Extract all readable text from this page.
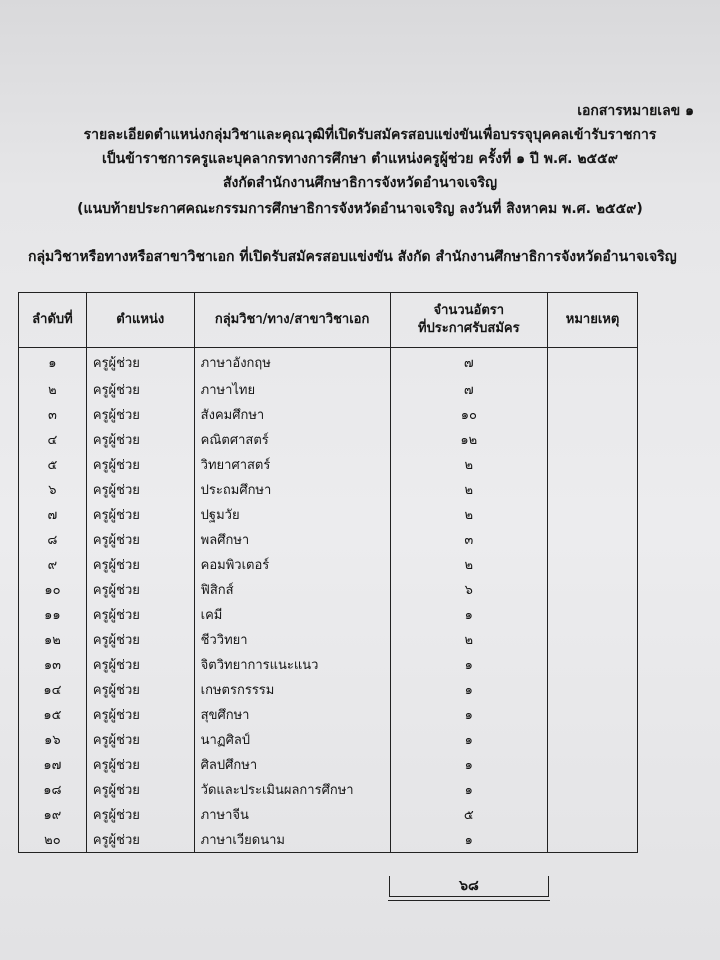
เอกสารหมายเลข ๑
รายละเอียดตำแหน่งกลุ่มวิชาและคุณวุฒิที่เปิดรับสมัครสอบแข่งขันเพื่อบรรจุบุคคลเข้ารับราชการ
เป็นข้าราชการครูและบุคลากรทางการศึกษา ตำแหน่งครูผู้ช่วย ครั้งที่ ๑ ปี พ.ศ. ๒๕๕๙
สังกัดสำนักงานศึกษาธิการจังหวัดอำนาจเจริญ
(แนบท้ายประกาศคณะกรรมการศึกษาธิการจังหวัดอำนาจเจริญ ลงวันที่ สิงหาคม พ.ศ. ๒๕๕๙)
กลุ่มวิชาหรือทางหรือสาขาวิชาเอก ที่เปิดรับสมัครสอบแข่งขัน สังกัด สำนักงานศึกษาธิการจังหวัดอำนาจเจริญ
ลำดับที่	ตำแหน่ง	กลุ่มวิชา/ทาง/สาขาวิชาเอก	จำนวนอัตรา
ที่ประกาศรับสมัคร	หมายเหตุ
๑	ครูผู้ช่วย	ภาษาอังกฤษ	๗	
๒	ครูผู้ช่วย	ภาษาไทย	๗	
๓	ครูผู้ช่วย	สังคมศึกษา	๑๐	
๔	ครูผู้ช่วย	คณิตศาสตร์	๑๒	
๕	ครูผู้ช่วย	วิทยาศาสตร์	๒	
๖	ครูผู้ช่วย	ประถมศึกษา	๒	
๗	ครูผู้ช่วย	ปฐมวัย	๒	
๘	ครูผู้ช่วย	พลศึกษา	๓	
๙	ครูผู้ช่วย	คอมพิวเตอร์	๒	
๑๐	ครูผู้ช่วย	ฟิสิกส์	๖	
๑๑	ครูผู้ช่วย	เคมี	๑	
๑๒	ครูผู้ช่วย	ชีววิทยา	๒	
๑๓	ครูผู้ช่วย	จิตวิทยาการแนะแนว	๑	
๑๔	ครูผู้ช่วย	เกษตรกรรรม	๑	
๑๕	ครูผู้ช่วย	สุขศึกษา	๑	
๑๖	ครูผู้ช่วย	นาฏศิลป์	๑	
๑๗	ครูผู้ช่วย	ศิลปศึกษา	๑	
๑๘	ครูผู้ช่วย	วัดและประเมินผลการศึกษา	๑	
๑๙	ครูผู้ช่วย	ภาษาจีน	๕	
๒๐	ครูผู้ช่วย	ภาษาเวียดนาม	๑	
๖๘
